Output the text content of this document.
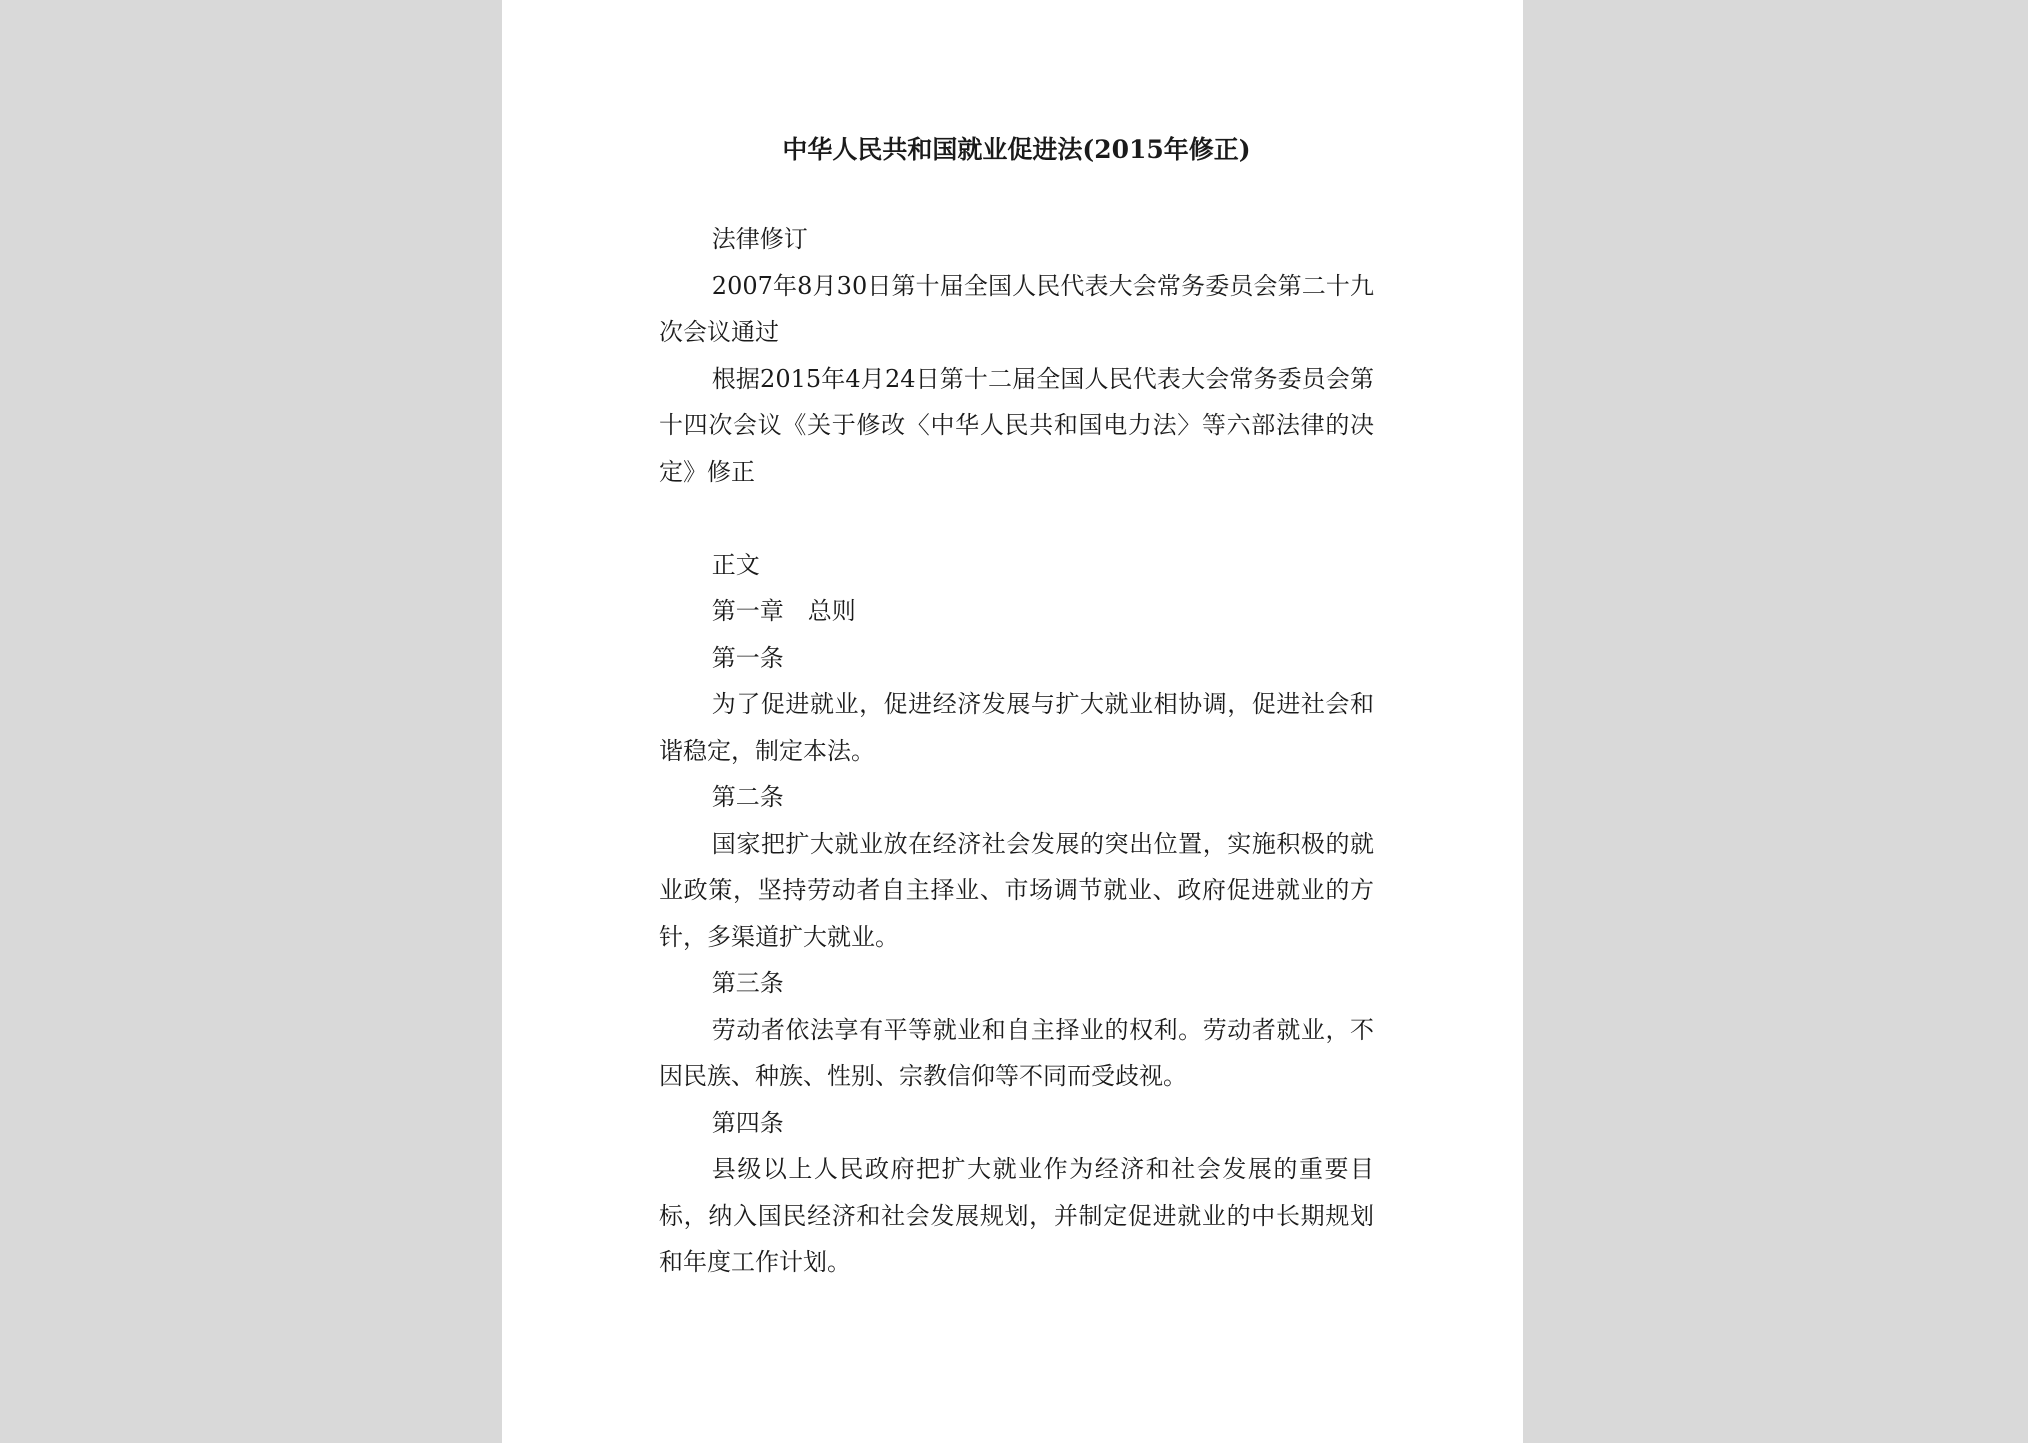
中华人民共和国就业促进法(2015年修正)

法律修订

2007年8月30日第十届全国人民代表大会常务委员会第二十九次会议通过

根据2015年4月24日第十二届全国人民代表大会常务委员会第十四次会议《关于修改〈中华人民共和国电力法〉等六部法律的决定》修正

正文

第一章　总则

第一条

为了促进就业，促进经济发展与扩大就业相协调，促进社会和谐稳定，制定本法。

第二条

国家把扩大就业放在经济社会发展的突出位置，实施积极的就业政策，坚持劳动者自主择业、市场调节就业、政府促进就业的方针，多渠道扩大就业。

第三条

劳动者依法享有平等就业和自主择业的权利。劳动者就业，不因民族、种族、性别、宗教信仰等不同而受歧视。

第四条

县级以上人民政府把扩大就业作为经济和社会发展的重要目标，纳入国民经济和社会发展规划，并制定促进就业的中长期规划和年度工作计划。
